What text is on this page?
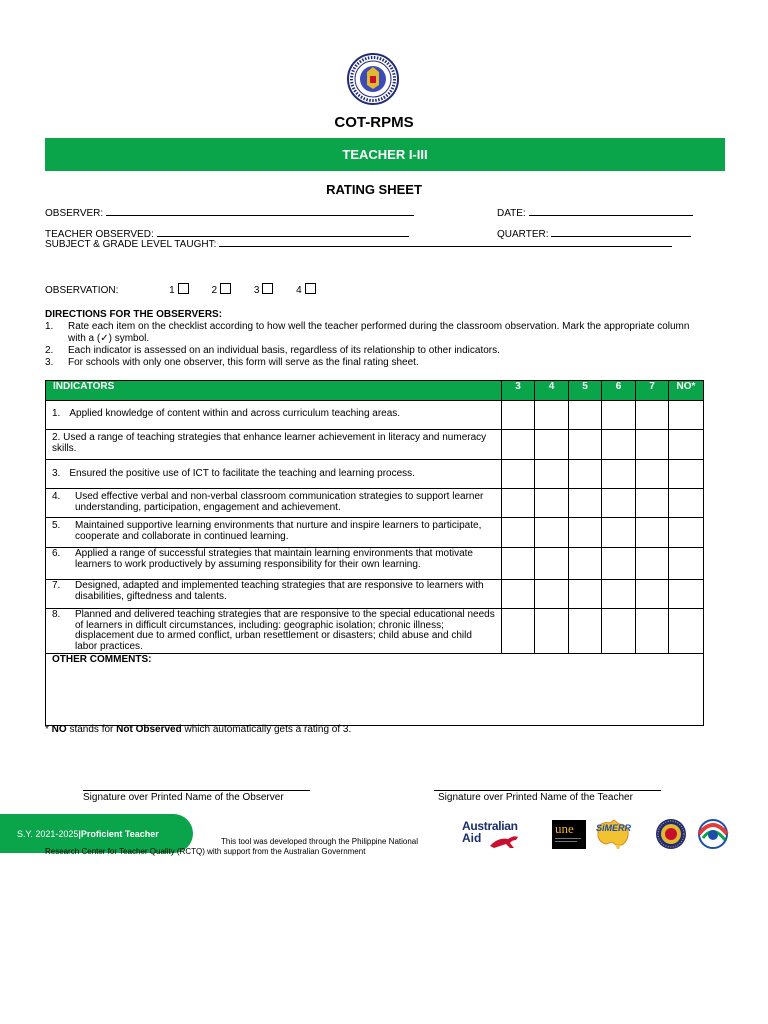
COT-RPMS
TEACHER I-III
RATING SHEET
OBSERVER:	DATE:
TEACHER OBSERVED:	QUARTER:
SUBJECT & GRADE LEVEL TAUGHT:
OBSERVATION:	1	2	3	4
DIRECTIONS FOR THE OBSERVERS:
1. Rate each item on the checklist according to how well the teacher performed during the classroom observation. Mark the appropriate column with a (✓) symbol.
2. Each indicator is assessed on an individual basis, regardless of its relationship to other indicators.
3. For schools with only one observer, this form will serve as the final rating sheet.
INDICATORS	3	4	5	6	7	NO*

1.
Applied knowledge of content within and across curriculum teaching areas.						

2. Used a range of teaching strategies that enhance learner achievement in literacy and numeracy skills.						

3.
Ensured the positive use of ICT to facilitate the teaching and learning process.						

4. Used effective verbal and non-verbal classroom communication strategies to support learner understanding, participation, engagement and achievement.						

5. Maintained supportive learning environments that nurture and inspire learners to participate, cooperate and collaborate in continued learning.						

6. Applied a range of successful strategies that maintain learning environments that motivate learners to work productively by assuming responsibility for their own learning.						

7. Designed, adapted and implemented teaching strategies that are responsive to learners with disabilities, giftedness and talents.						

8. Planned and delivered teaching strategies that are responsive to the special educational needs of learners in difficult circumstances, including: geographic isolation; chronic illness; displacement due to armed conflict, urban resettlement or disasters; child abuse and child labor practices.						

OTHER COMMENTS:						
* NO stands for Not Observed which automatically gets a rating of 3.
Signature over Printed Name of the Observer	Signature over Printed Name of the Teacher
S.Y. 2021-2025 | Proficient Teacher
This tool was developed through the Philippine National
Research Center for Teacher Quality (RCTQ) with support from the Australian Government
Australian
Aid
une	SiMERR
